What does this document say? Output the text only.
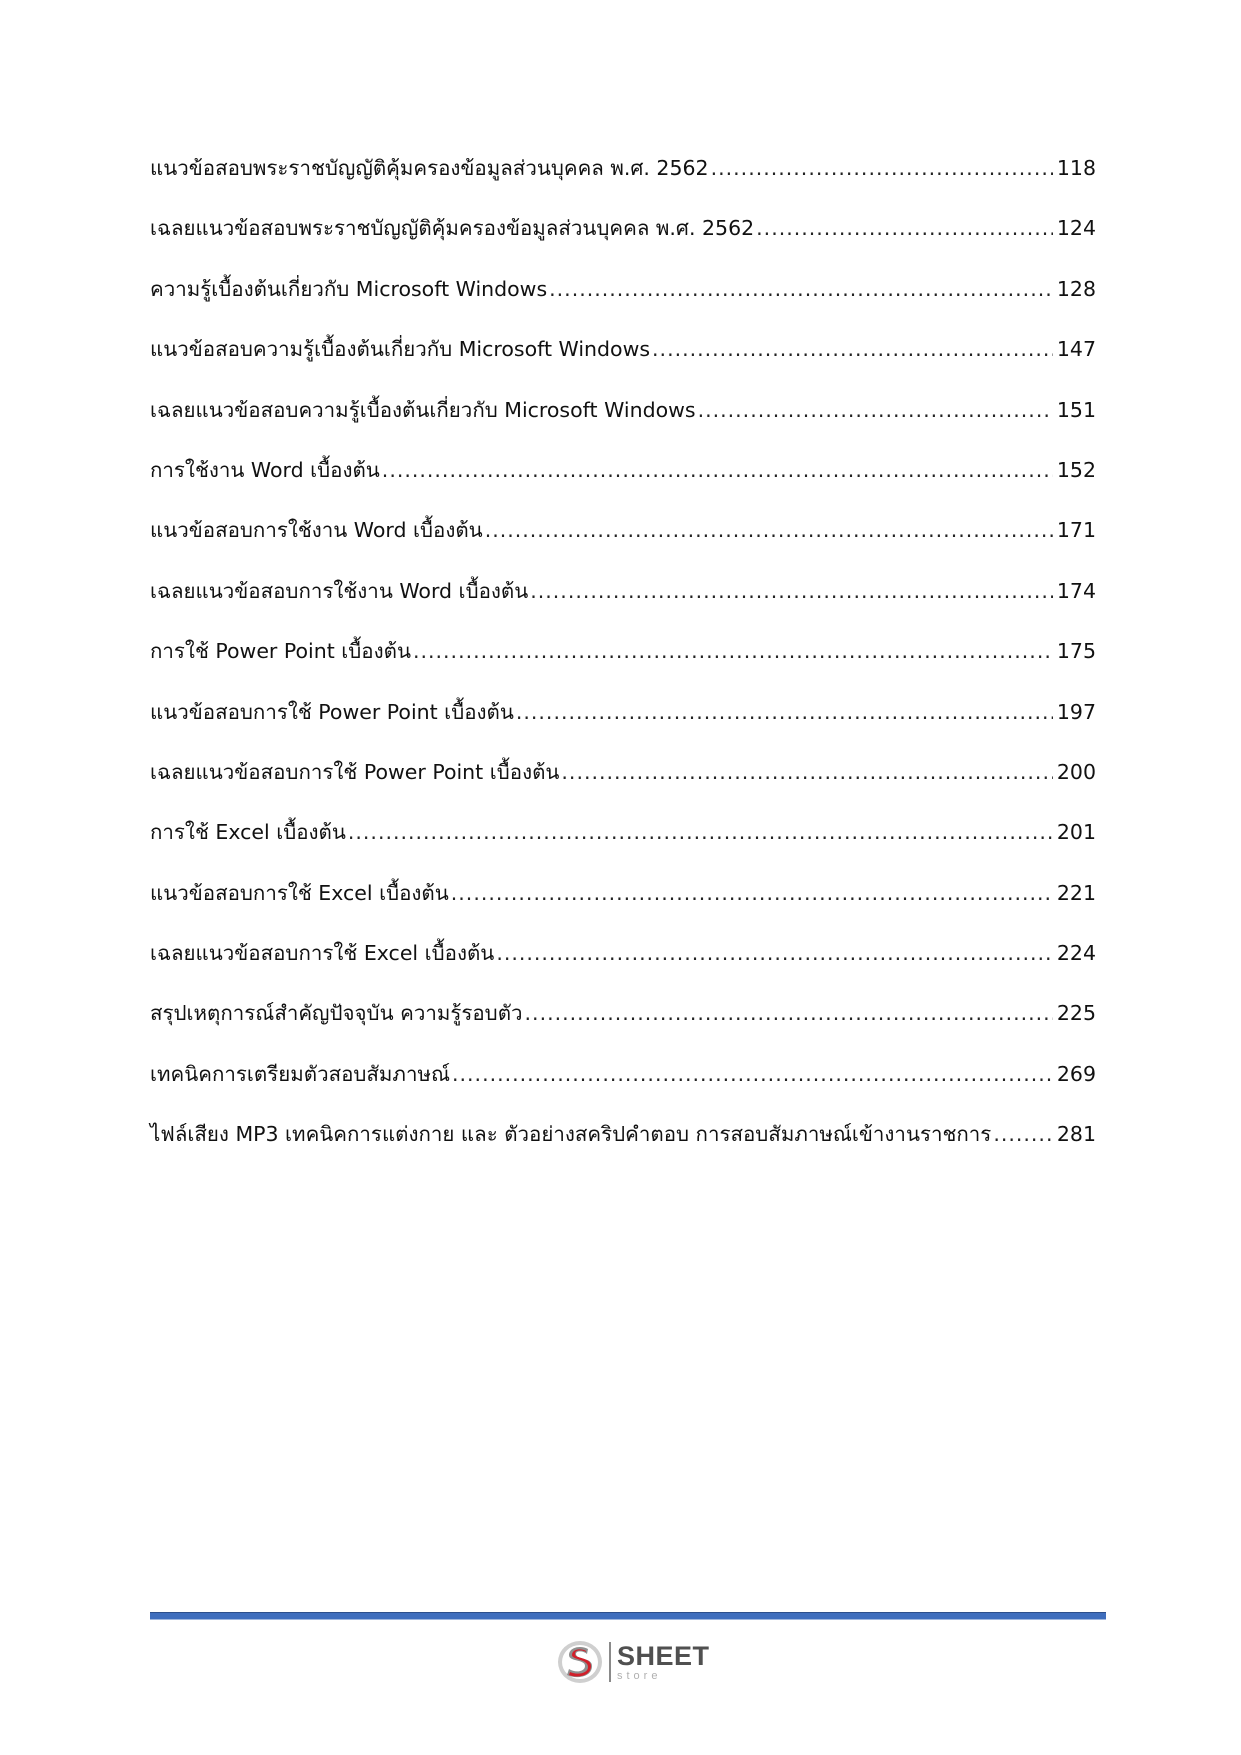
แนวข้อสอบพระราชบัญญัติคุ้มครองข้อมูลส่วนบุคคล พ.ศ. 2562 .....	118
เฉลยแนวข้อสอบพระราชบัญญัติคุ้มครองข้อมูลส่วนบุคคล พ.ศ. 2562 .....	124
ความรู้เบื้องต้นเกี่ยวกับ Microsoft Windows .....	128
แนวข้อสอบความรู้เบื้องต้นเกี่ยวกับ Microsoft Windows .....	147
เฉลยแนวข้อสอบความรู้เบื้องต้นเกี่ยวกับ Microsoft Windows .....	151
การใช้งาน Word เบื้องต้น .....	152
แนวข้อสอบการใช้งาน Word เบื้องต้น .....	171
เฉลยแนวข้อสอบการใช้งาน Word เบื้องต้น .....	174
การใช้ Power Point เบื้องต้น .....	175
แนวข้อสอบการใช้ Power Point เบื้องต้น .....	197
เฉลยแนวข้อสอบการใช้ Power Point เบื้องต้น .....	200
การใช้ Excel เบื้องต้น .....	201
แนวข้อสอบการใช้ Excel เบื้องต้น .....	221
เฉลยแนวข้อสอบการใช้ Excel เบื้องต้น .....	224
สรุปเหตุการณ์สำคัญปัจจุบัน ความรู้รอบตัว .....	225
เทคนิคการเตรียมตัวสอบสัมภาษณ์ .....	269
ไฟล์เสียง MP3 เทคนิคการแต่งกาย และ ตัวอย่างสคริปคำตอบ การสอบสัมภาษณ์เข้างานราชการ .....	281
SHEET
store
